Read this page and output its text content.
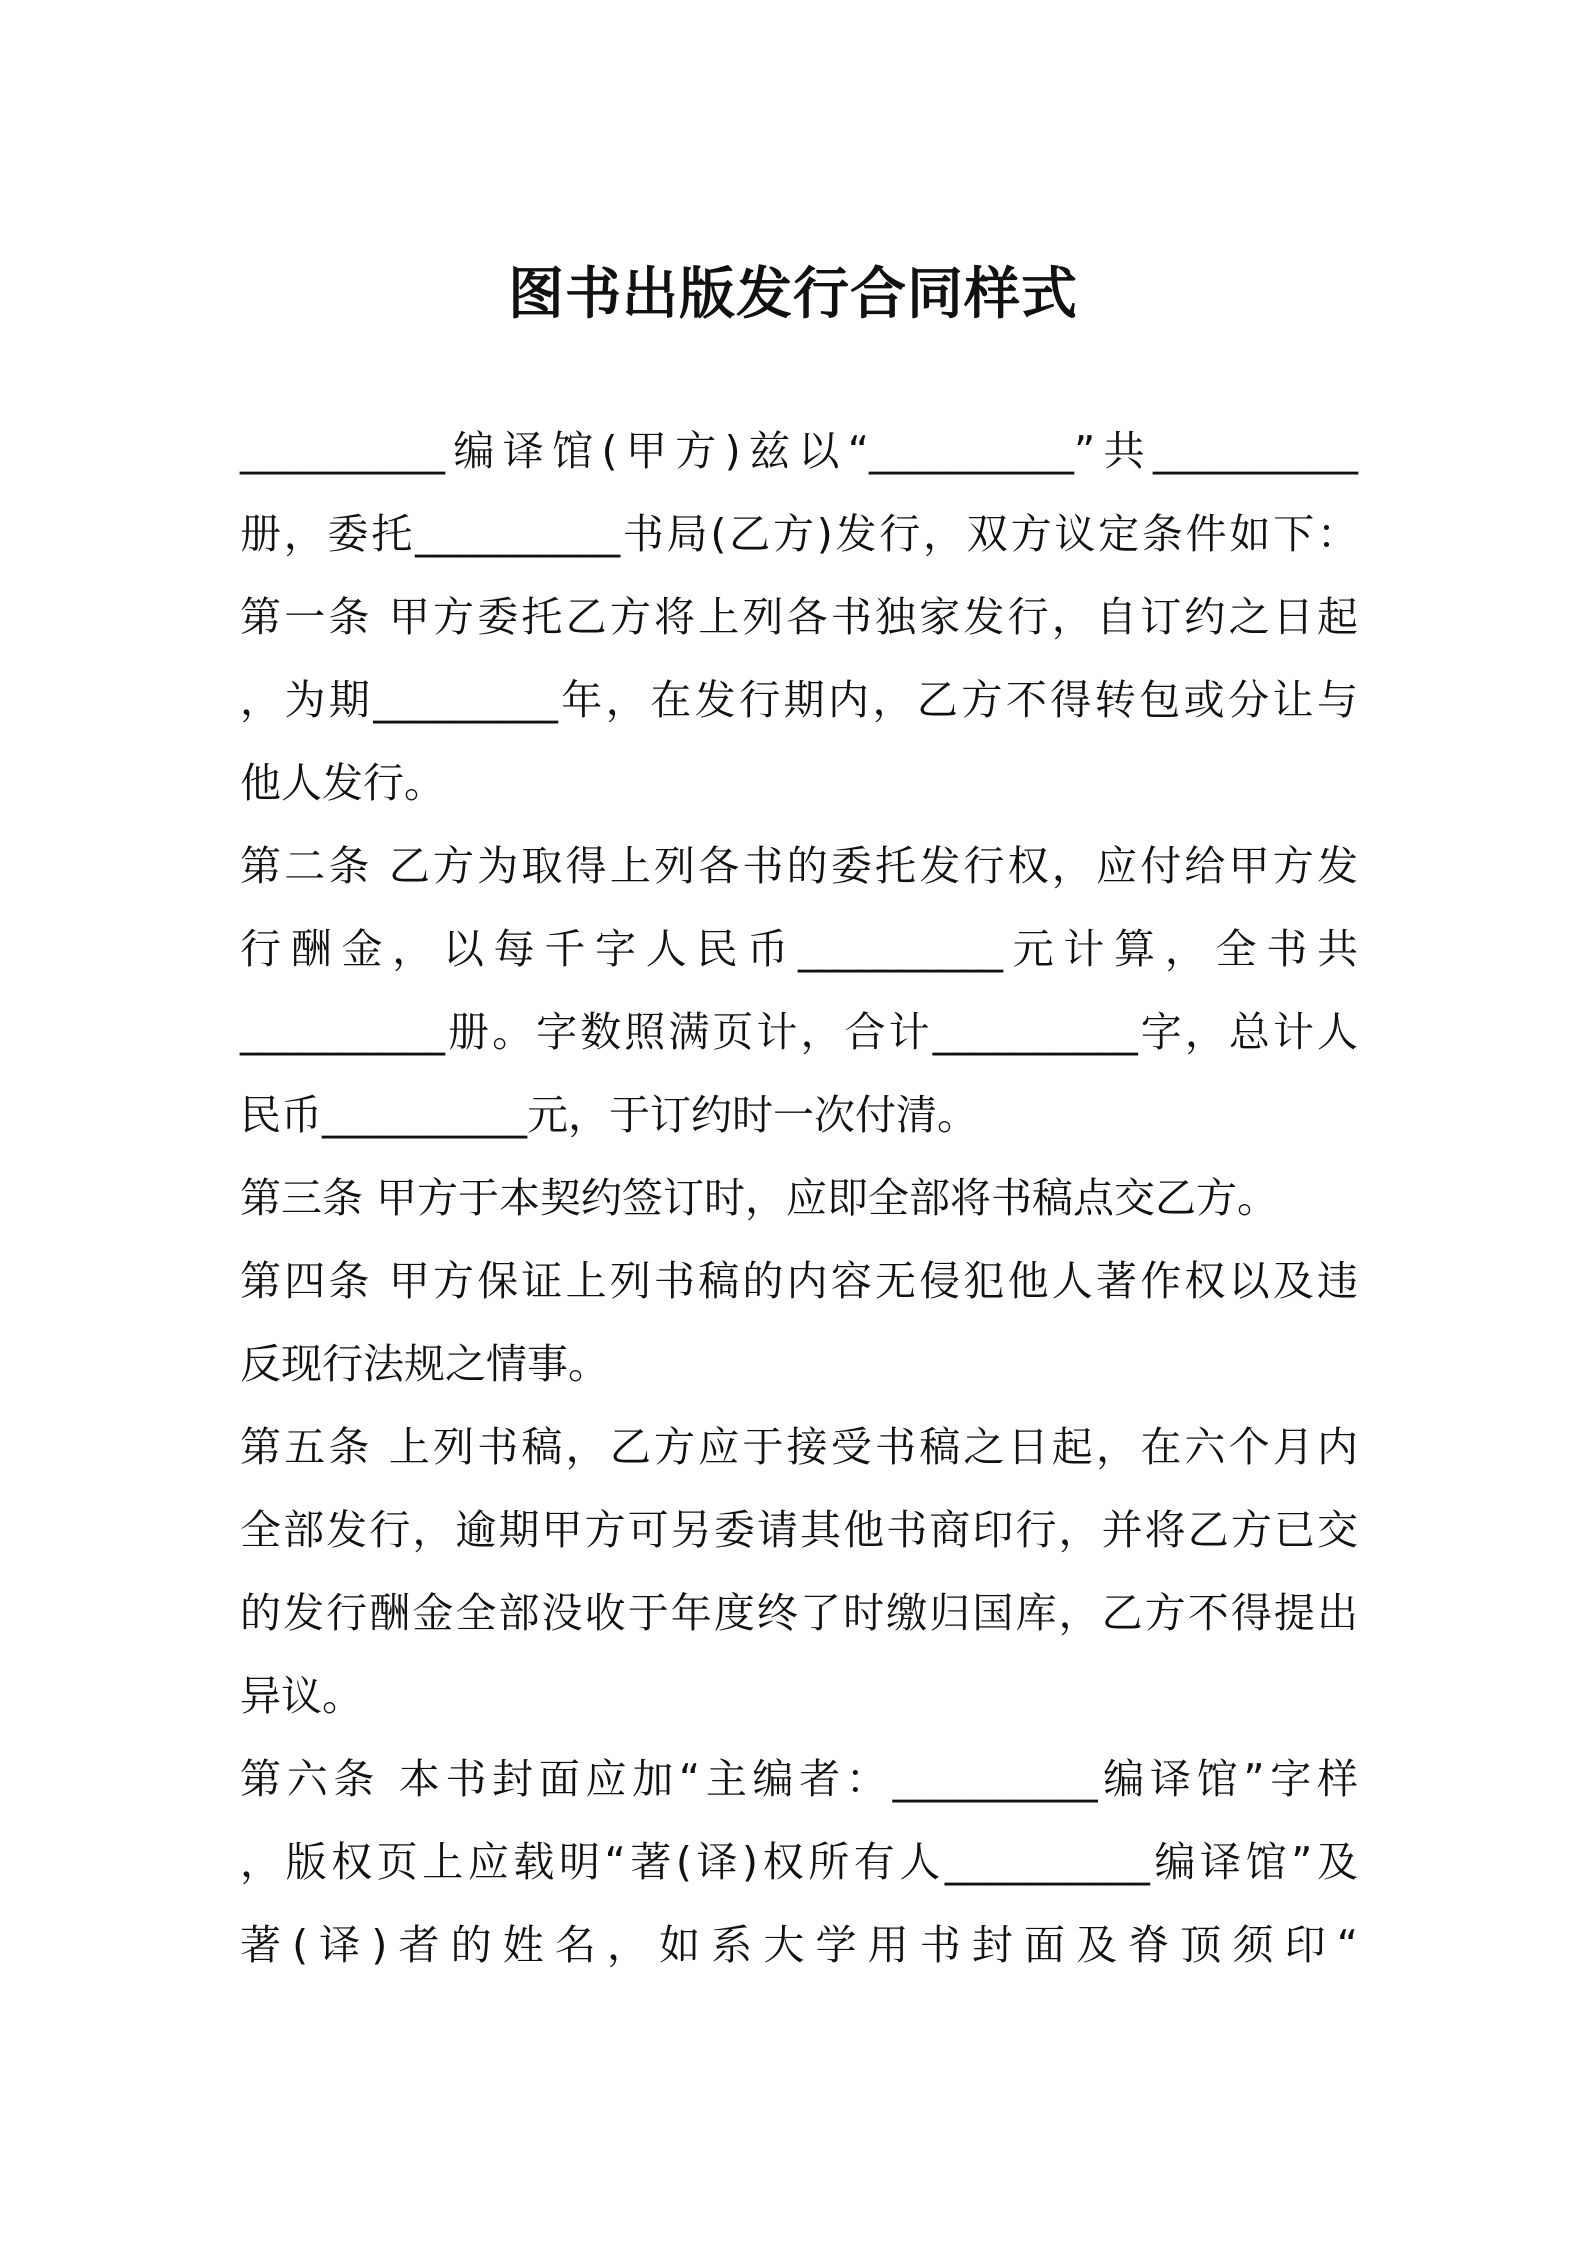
图书出版发行合同样式
__________编译馆(甲方)兹以“__________”共__________
册，委托__________书局(乙方)发行，双方议定条件如下：
第一条 甲方委托乙方将上列各书独家发行，自订约之日起
，为期_________年，在发行期内，乙方不得转包或分让与
他人发行。
第二条 乙方为取得上列各书的委托发行权，应付给甲方发
行酬金，以每千字人民币__________元计算，全书共
__________册。字数照满页计，合计__________字，总计人
民币__________元，于订约时一次付清。
第三条 甲方于本契约签订时，应即全部将书稿点交乙方。
第四条 甲方保证上列书稿的内容无侵犯他人著作权以及违
反现行法规之情事。
第五条 上列书稿，乙方应于接受书稿之日起，在六个月内
全部发行，逾期甲方可另委请其他书商印行，并将乙方已交
的发行酬金全部没收于年度终了时缴归国库，乙方不得提出
异议。
第六条 本书封面应加“主编者：__________编译馆”字样
，版权页上应载明“著(译)权所有人__________编译馆”及
著(译)者的姓名，如系大学用书封面及脊顶须印“
